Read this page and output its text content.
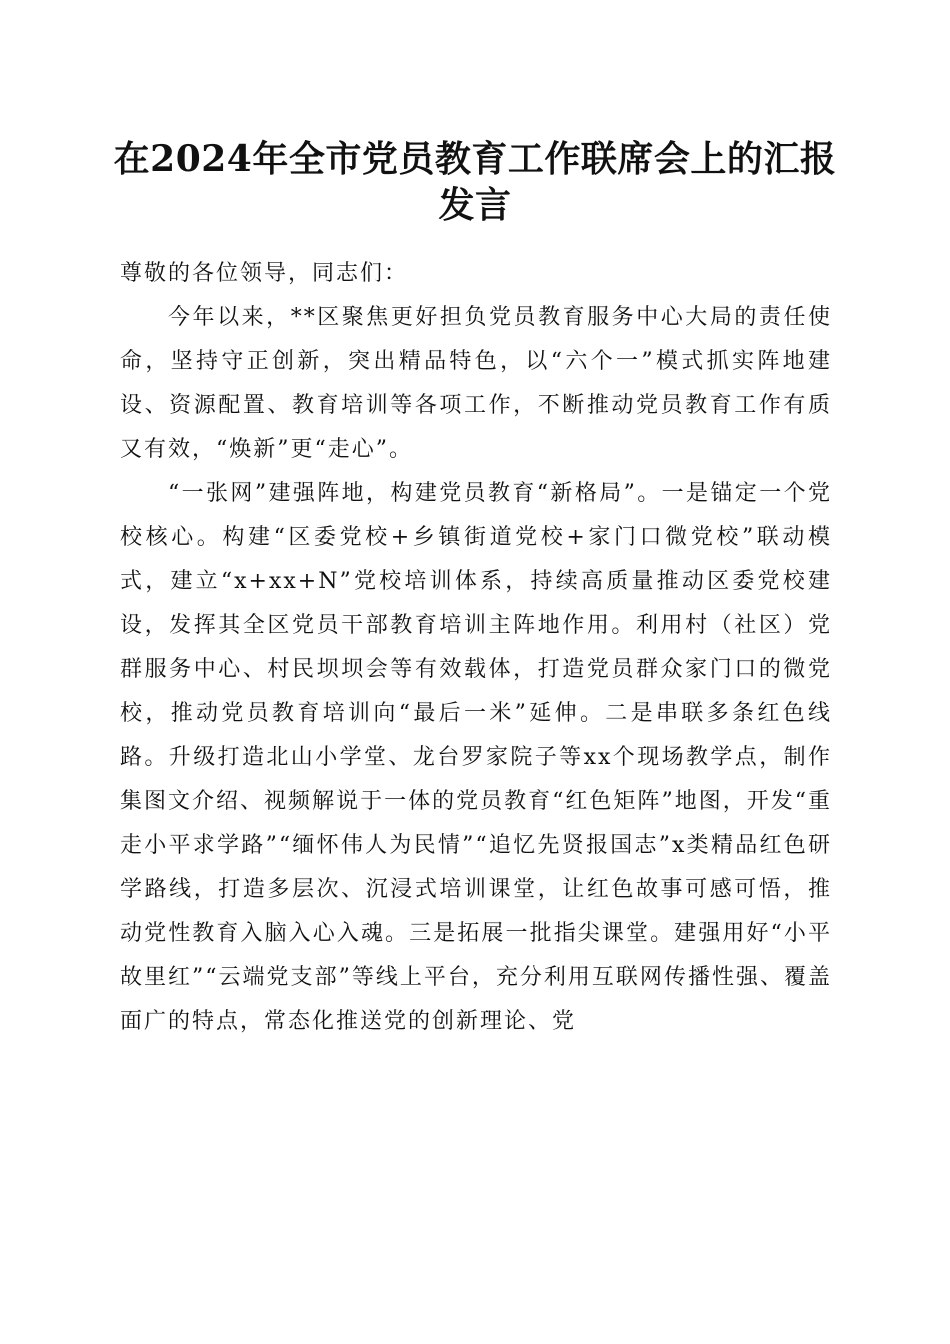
在2024年全市党员教育工作联席会上的汇报
发言

尊敬的各位领导，同志们：

今年以来，**区聚焦更好担负党员教育服务中心大局的责任使命，坚持守正创新，突出精品特色，以“六个一”模式抓实阵地建设、资源配置、教育培训等各项工作，不断推动党员教育工作有质又有效，“焕新”更“走心”。

“一张网”建强阵地，构建党员教育“新格局”。一是锚定一个党校核心。构建“区委党校+乡镇街道党校+家门口微党校”联动模式，建立“x+xx+N”党校培训体系，持续高质量推动区委党校建设，发挥其全区党员干部教育培训主阵地作用。利用村（社区）党群服务中心、村民坝坝会等有效载体，打造党员群众家门口的微党校，推动党员教育培训向“最后一米”延伸。二是串联多条红色线路。升级打造北山小学堂、龙台罗家院子等xx个现场教学点，制作集图文介绍、视频解说于一体的党员教育“红色矩阵”地图，开发“重走小平求学路”“缅怀伟人为民情”“追忆先贤报国志”x类精品红色研学路线，打造多层次、沉浸式培训课堂，让红色故事可感可悟，推动党性教育入脑入心入魂。三是拓展一批指尖课堂。建强用好“小平故里红”“云端党支部”等线上平台，充分利用互联网传播性强、覆盖面广的特点，常态化推送党的创新理论、党
